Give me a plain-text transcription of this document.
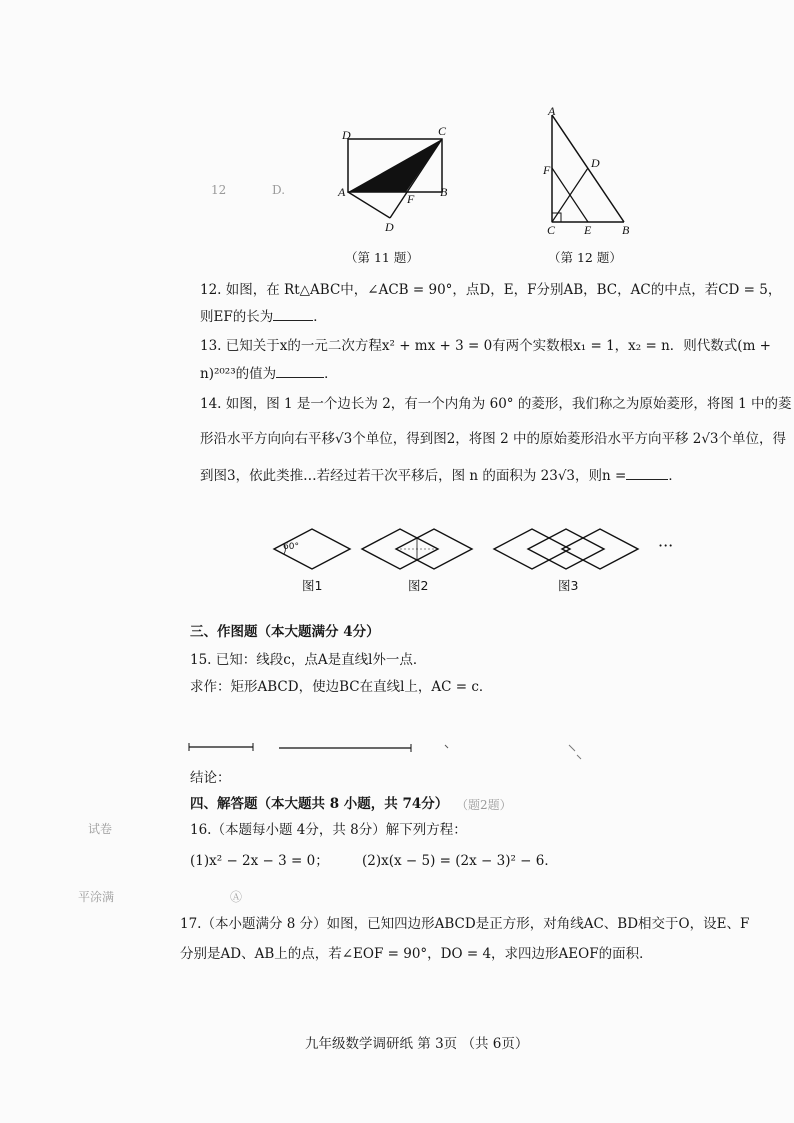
12	D.
试卷
平涂满	Ⓐ
（题2题）
D	C
A	B
F
D
（第 11 题）
A
F	D
C E	B
（第 12 题）
12. 如图，在 Rt△ABC中，∠ACB = 90°，点D，E，F分别AB，BC，AC的中点，若CD = 5，
则EF的长为	．
13. 已知关于x的一元二次方程x² + mx + 3 = 0有两个实数根x₁ = 1，x₂ = n．则代数式(m +
n)²⁰²³的值为	．
14. 如图，图 1 是一个边长为 2，有一个内角为 60° 的菱形，我们称之为原始菱形，将图 1 中的菱
形沿水平方向向右平移√3个单位，得到图2，将图 2 中的原始菱形沿水平方向平移 2√3个单位，得
到图3，依此类推…若经过若干次平移后，图 n 的面积为 23√3，则n =	．
60°	···
图1	图2	图3
三、作图题（本大题满分 4分）
15. 已知：线段c，点A是直线l外一点．
求作：矩形ABCD，使边BC在直线l上，AC = c．
结论：
四、解答题（本大题共 8 小题，共 74分）
16.（本题每小题 4分，共 8分）解下列方程：
(1)x² − 2x − 3 = 0； (2)x(x − 5) = (2x − 3)² − 6．
17.（本小题满分 8 分）如图，已知四边形ABCD是正方形，对角线AC、BD相交于O，设E、F
分别是AD、AB上的点，若∠EOF = 90°，DO = 4，求四边形AEOF的面积．
九年级数学调研纸 第 3页 （共 6页）
